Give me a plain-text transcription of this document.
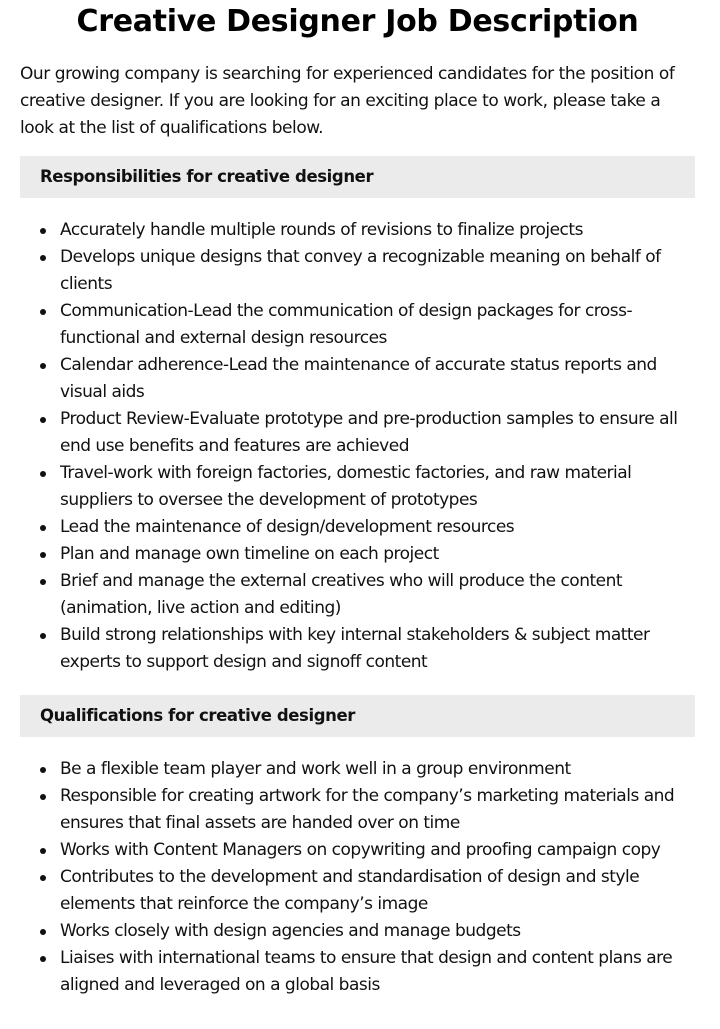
Creative Designer Job Description

Our growing company is searching for experienced candidates for the position of creative designer. If you are looking for an exciting place to work, please take a look at the list of qualifications below.

Responsibilities for creative designer
Accurately handle multiple rounds of revisions to finalize projects
Develops unique designs that convey a recognizable meaning on behalf of clients
Communication-Lead the communication of design packages for cross-functional and external design resources
Calendar adherence-Lead the maintenance of accurate status reports and visual aids
Product Review-Evaluate prototype and pre-production samples to ensure all end use benefits and features are achieved
Travel-work with foreign factories, domestic factories, and raw material suppliers to oversee the development of prototypes
Lead the maintenance of design/development resources
Plan and manage own timeline on each project
Brief and manage the external creatives who will produce the content (animation, live action and editing)
Build strong relationships with key internal stakeholders & subject matter experts to support design and signoff content
Qualifications for creative designer
Be a flexible team player and work well in a group environment
Responsible for creating artwork for the company’s marketing materials and ensures that final assets are handed over on time
Works with Content Managers on copywriting and proofing campaign copy
Contributes to the development and standardisation of design and style elements that reinforce the company’s image
Works closely with design agencies and manage budgets
Liaises with international teams to ensure that design and content plans are aligned and leveraged on a global basis
